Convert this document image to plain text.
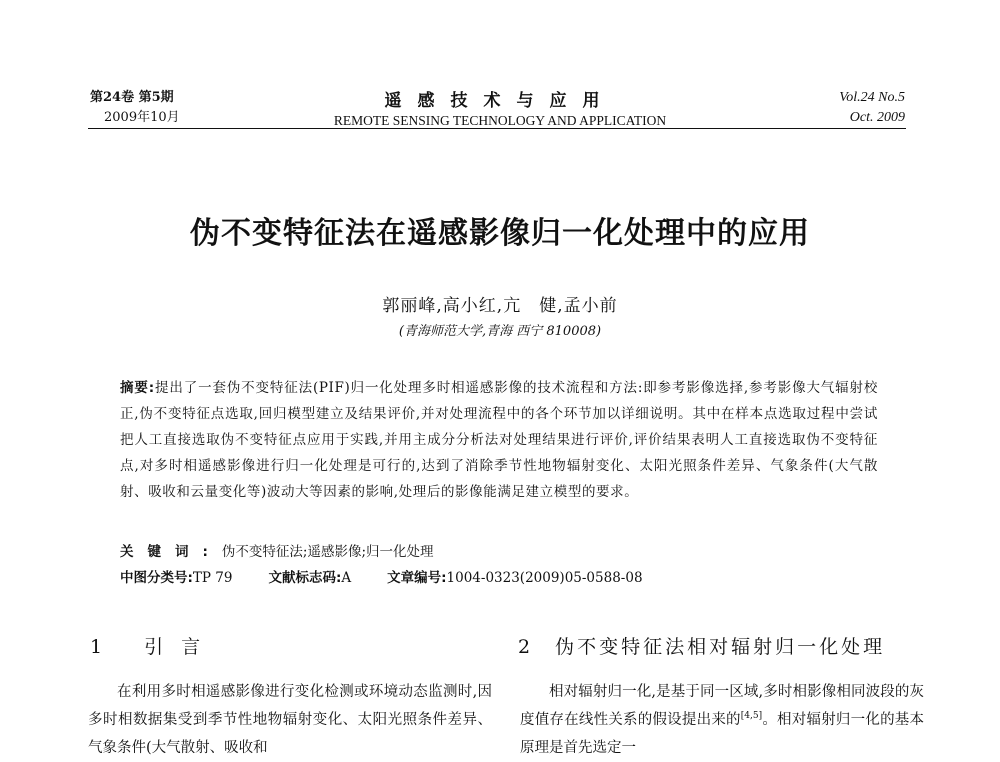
第24卷 第5期
2009年10月
遥感技术与应用
REMOTE SENSING TECHNOLOGY AND APPLICATION
Vol.24 No.5
Oct. 2009
伪不变特征法在遥感影像归一化处理中的应用
郭丽峰,高小红,亢　健,孟小前
(青海师范大学,青海 西宁 810008)
摘要:提出了一套伪不变特征法(PIF)归一化处理多时相遥感影像的技术流程和方法:即参考影像选择,参考影像大气辐射校正,伪不变特征点选取,回归模型建立及结果评价,并对处理流程中的各个环节加以详细说明。其中在样本点选取过程中尝试把人工直接选取伪不变特征点应用于实践,并用主成分分析法对处理结果进行评价,评价结果表明人工直接选取伪不变特征点,对多时相遥感影像进行归一化处理是可行的,达到了消除季节性地物辐射变化、太阳光照条件差异、气象条件(大气散射、吸收和云量变化等)波动大等因素的影响,处理后的影像能满足建立模型的要求。
关键词:伪不变特征法;遥感影像;归一化处理
中图分类号:TP 79	文献标志码:A	文章编号:1004-0323(2009)05-0588-08
1 引言	2　 伪不变特征法相对辐射归一化处理

在利用多时相遥感影像进行变化检测或环境动态监测时,因多时相数据集受到季节性地物辐射变化、太阳光照条件差异、气象条件(大气散射、吸收和

相对辐射归一化,是基于同一区域,多时相影像相同波段的灰度值存在线性关系的假设提出来的[4,5]。相对辐射归一化的基本原理是首先选定一
